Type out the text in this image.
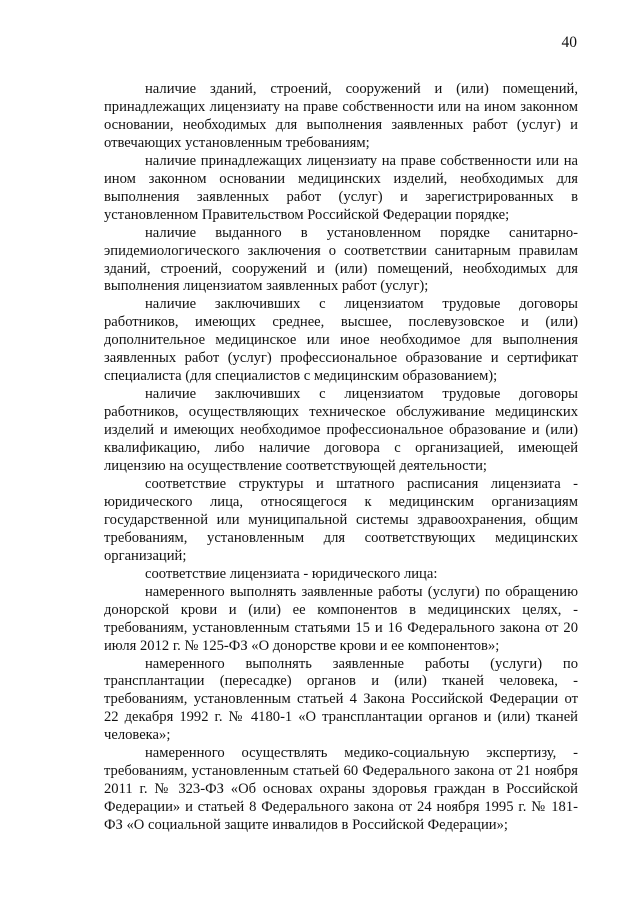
40

наличие зданий, строений, сооружений и (или) помещений, принадлежащих лицензиату на праве собственности или на ином законном основании, необходимых для выполнения заявленных работ (услуг) и отвечающих установленным требованиям;

наличие принадлежащих лицензиату на праве собственности или на ином законном основании медицинских изделий, необходимых для выполнения заявленных работ (услуг) и зарегистрированных в установленном Правительством Российской Федерации порядке;

наличие выданного в установленном порядке санитарно-эпидемиологического заключения о соответствии санитарным правилам зданий, строений, сооружений и (или) помещений, необходимых для выполнения лицензиатом заявленных работ (услуг);

наличие заключивших с лицензиатом трудовые договоры работников, имеющих среднее, высшее, послевузовское и (или) дополнительное медицинское или иное необходимое для выполнения заявленных работ (услуг) профессиональное образование и сертификат специалиста (для специалистов с медицинским образованием);

наличие заключивших с лицензиатом трудовые договоры работников, осуществляющих техническое обслуживание медицинских изделий и имеющих необходимое профессиональное образование и (или) квалификацию, либо наличие договора с организацией, имеющей лицензию на осуществление соответствующей деятельности;

соответствие структуры и штатного расписания лицензиата - юридического лица, относящегося к медицинским организациям государственной или муниципальной системы здравоохранения, общим требованиям, установленным для соответствующих медицинских организаций;

соответствие лицензиата - юридического лица:

намеренного выполнять заявленные работы (услуги) по обращению донорской крови и (или) ее компонентов в медицинских целях, - требованиям, установленным статьями 15 и 16 Федерального закона от 20 июля 2012 г. № 125-ФЗ «О донорстве крови и ее компонентов»;

намеренного выполнять заявленные работы (услуги) по трансплантации (пересадке) органов и (или) тканей человека, - требованиям, установленным статьей 4 Закона Российской Федерации от 22 декабря 1992 г. № 4180-1 «О трансплантации органов и (или) тканей человека»;

намеренного осуществлять медико-социальную экспертизу, - требованиям, установленным статьей 60 Федерального закона от 21 ноября 2011 г. № 323-ФЗ «Об основах охраны здоровья граждан в Российской Федерации» и статьей 8 Федерального закона от 24 ноября 1995 г. № 181-ФЗ «О социальной защите инвалидов в Российской Федерации»;
